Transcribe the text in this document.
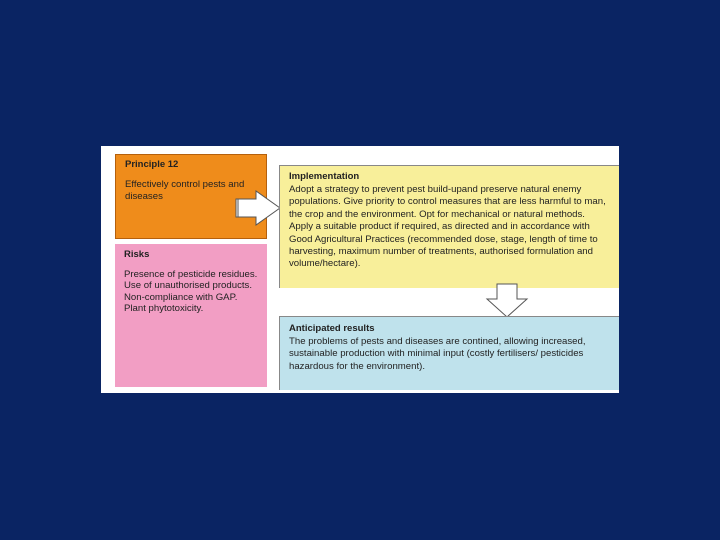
Principle 12
Effectively control pests and diseases
Risks
Presence of pesticide residues.
Use of unauthorised products.
Non-compliance with GAP.
Plant phytotoxicity.
Implementation
Adopt a strategy to prevent pest build-upand preserve natural enemy populations. Give priority to control measures that are less harmful to man, the crop and the environment. Opt for mechanical or natural methods. Apply a suitable product if required, as directed and in accordance with Good Agricultural Practices (recommended dose, stage, length of time to harvesting, maximum number of treatments, authorised formulation and volume/hectare).
Anticipated results
The problems of pests and diseases are contined, allowing increased, sustainable production with minimal input (costly fertilisers/ pesticides hazardous for the environment).
